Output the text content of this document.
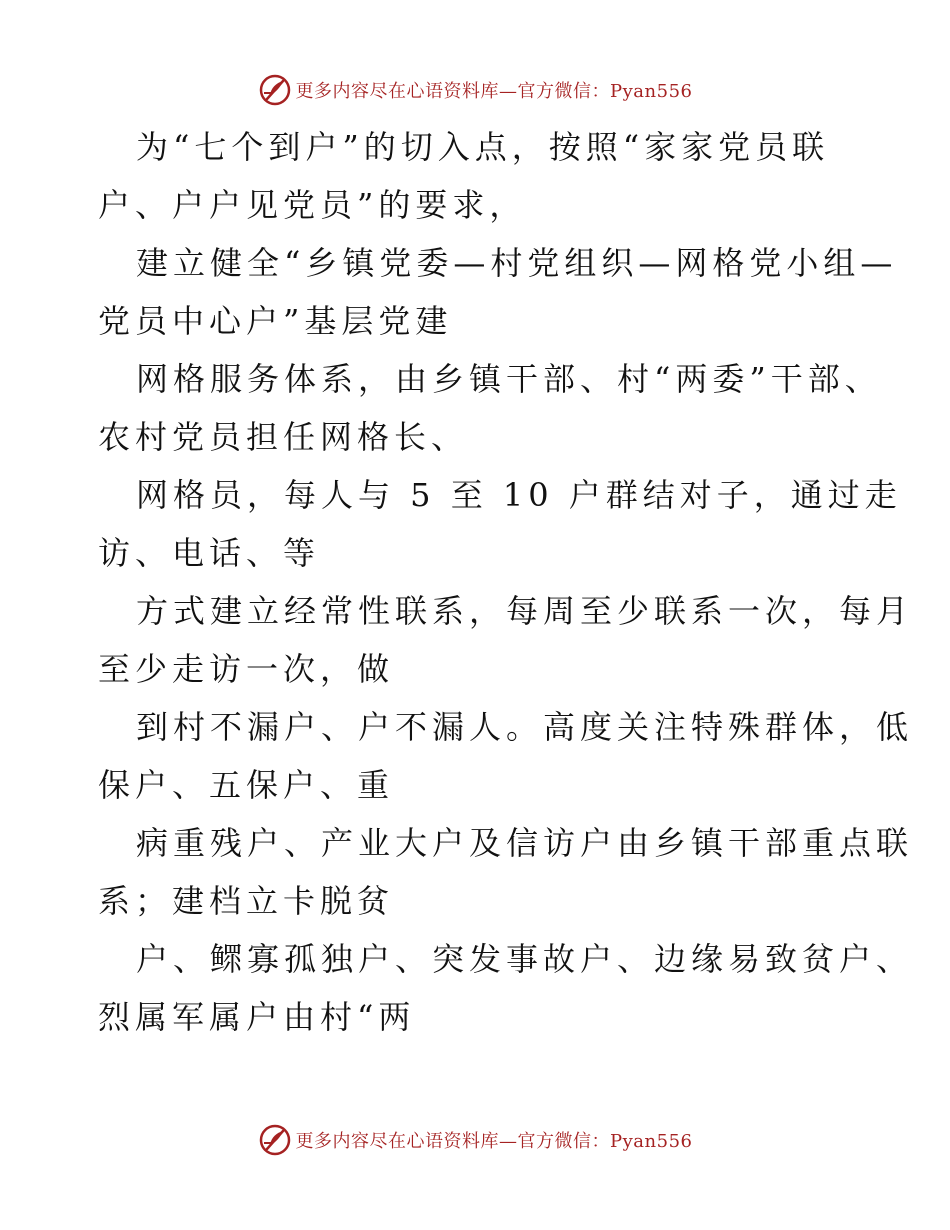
更多内容尽在心语资料库—官方微信：Pyan556
为“七个到户”的切入点，按照“家家党员联
户、户户见党员”的要求，
建立健全“乡镇党委—村党组织—网格党小组—
党员中心户”基层党建
网格服务体系，由乡镇干部、村“两委”干部、
农村党员担任网格长、
网格员，每人与 5 至 10 户群结对子，通过走
访、电话、等
方式建立经常性联系，每周至少联系一次，每月
至少走访一次，做
到村不漏户、户不漏人。高度关注特殊群体，低
保户、五保户、重
病重残户、产业大户及信访户由乡镇干部重点联
系；建档立卡脱贫
户、鳏寡孤独户、突发事故户、边缘易致贫户、
烈属军属户由村“两
更多内容尽在心语资料库—官方微信：Pyan556
